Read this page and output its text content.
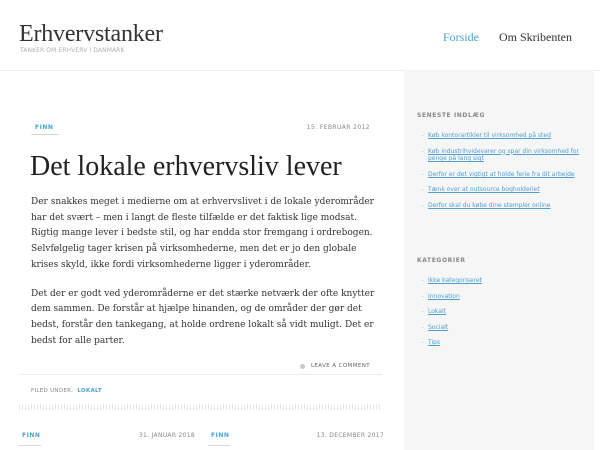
Erhvervstanker
TANKER OM ERHVERV I DANMARK
Forside Om Skribenten
FINN	15. FEBRUAR 2012
Det lokale erhvervsliv lever

Der snakkes meget i medierne om at erhvervslivet i de lokale yderområder har det svært – men i langt de fleste tilfælde er det faktisk lige modsat. Rigtig mange lever i bedste stil, og har endda stor fremgang i ordrebogen. Selvfølgelig tager krisen på virksomhederne, men det er jo den globale krises skyld, ikke fordi virksomhederne ligger i yderområder.

Det der er godt ved yderområderne er det stærke netværk der ofte knytter dem sammen. De forstår at hjælpe hinanden, og de områder der gør det bedst, forstår den tankegang, at holde ordrene lokalt så vidt muligt. Det er bedst for alle parter.

LEAVE A COMMENT
FILED UNDER: LOKALT
FINN	31. JANUAR 2018	FINN	13. DECEMBER 2017
SENESTE INDLÆG
– Køb kontorartikler til virksomhed på sted
– Køb industrihvidevarer og spar din virksomhed for penge på lang sigt
– Derfor er det vigtigt at holde ferie fra dit arbejde
– Tænk over at outsource bogholderiet
– Derfor skal du købe dine stempler online
KATEGORIER
– Ikke kategoriseret
– Innovation
– Lokalt
– Socialt
– Tips
